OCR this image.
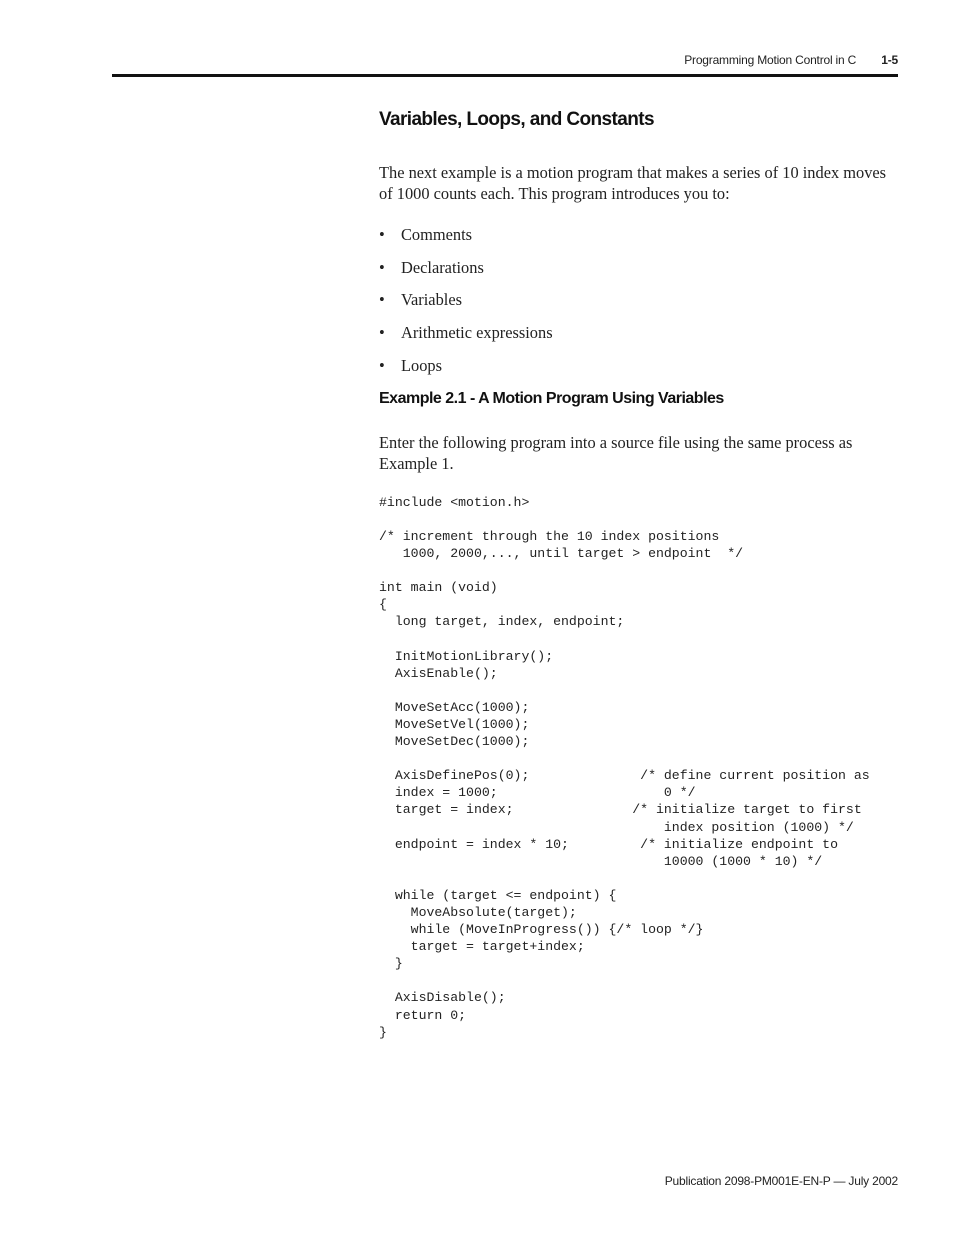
Programming Motion Control in C 1-5
Variables, Loops, and Constants

The next example is a motion program that makes a series of 10 index moves of 1000 counts each. This program introduces you to:

• Comments
• Declarations
• Variables
• Arithmetic expressions
• Loops
Example 2.1 - A Motion Program Using Variables

Enter the following program into a source file using the same process as Example 1.

#include <motion.h>

/* increment through the 10 index positions
1000, 2000,..., until target > endpoint  */

int main (void)
{
long target, index, endpoint;

InitMotionLibrary();
AxisEnable();

MoveSetAcc(1000);
MoveSetVel(1000);
MoveSetDec(1000);

AxisDefinePos(0);              /* define current position as
index = 1000;                     0 */
target = index;               /* initialize target to first
index position (1000) */
endpoint = index * 10;         /* initialize endpoint to
10000 (1000 * 10) */

while (target <= endpoint) {
MoveAbsolute(target);
while (MoveInProgress()) {/* loop */}
target = target+index;
}

AxisDisable();
return 0;
}
Publication 2098-PM001E-EN-P — July 2002
